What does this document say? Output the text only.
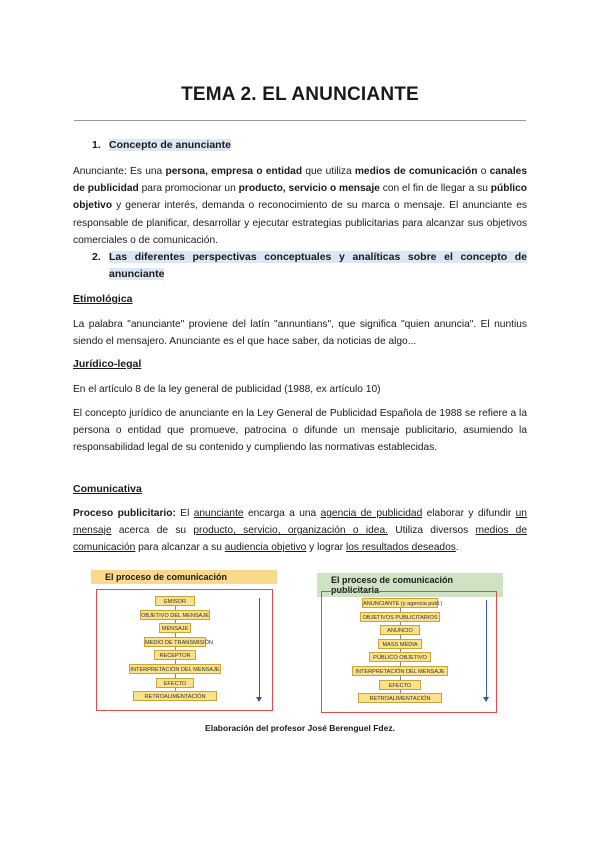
TEMA 2. EL ANUNCIANTE
1. Concepto de anunciante
Anunciante: Es una persona, empresa o entidad que utiliza medios de comunicación o canales de publicidad para promocionar un producto, servicio o mensaje con el fin de llegar a su público objetivo y generar interés, demanda o reconocimiento de su marca o mensaje. El anunciante es responsable de planificar, desarrollar y ejecutar estrategias publicitarias para alcanzar sus objetivos comerciales o de comunicación.
2. Las diferentes perspectivas conceptuales y analíticas sobre el concepto de anunciante
Etimológica
La palabra "anunciante" proviene del latín "annuntians", que significa "quien anuncia". El nuntius siendo el mensajero. Anunciante es el que hace saber, da noticias de algo...
Jurídico-legal
En el artículo 8 de la ley general de publicidad (1988, ex artículo 10)
El concepto jurídico de anunciante en la Ley General de Publicidad Española de 1988 se refiere a la persona o entidad que promueve, patrocina o difunde un mensaje publicitario, asumiendo la responsabilidad legal de su contenido y cumpliendo las normativas establecidas.
Comunicativa
Proceso publicitario: El anunciante encarga a una agencia de publicidad elaborar y difundir un mensaje acerca de su producto, servicio, organización o idea. Utiliza diversos medios de comunicación para alcanzar a su audiencia objetivo y lograr los resultados deseados.
El proceso de comunicación
EMISOR
OBJETIVO DEL MENSAJE
MENSAJE
MEDIO DE TRANSMISIÓN
RECEPTOR
INTERPRETACIÓN DEL MENSAJE
EFECTO
RETROALIMENTACIÓN
El proceso de comunicación publicitaria
ANUNCIANTE (y agencia publ.)
OBJETIVOS PUBLICITARIOS
ANUNCIO
MASS MEDIA
PÚBLICO OBJETIVO
INTERPRETACIÓN DEL MENSAJE
EFECTO
RETROALIMENTACIÓN
Elaboración del profesor José Berenguel Fdez.
